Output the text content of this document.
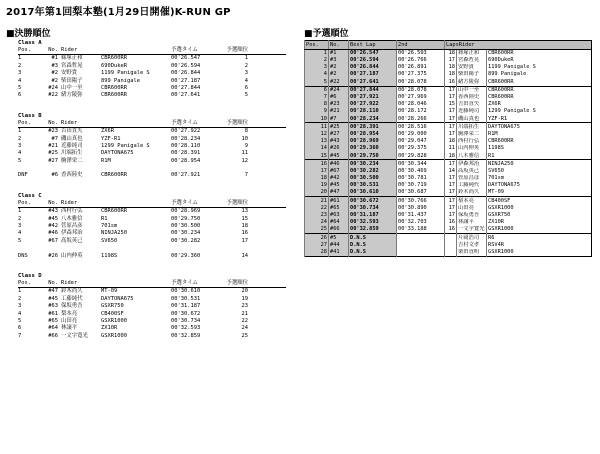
2017年第1回梨本塾(1月29日開催)K-RUN GP
■決勝順位	■予選順位
Class A
Pos.	No. Rider	予選タイム	予選順位
1	#1 篠塚正和	CBR600RR	00'26.547	1
2	#3 宮森哲晃	690DukeR	00'26.594	2
3	#2 安野貴	1199 Panigale S	00'26.844	3
4	#2 柴田陽子	899 Panigale	00'27.187	4
5	#24 山中一至	CBR600RR	00'27.844	6
6	#22 緒方陵弥	CBR600RR	00'27.641	5
Class B
Pos.	No. Rider	予選タイム	予選順位
1	#23 吉田直矢	ZX6R	00'27.922	8
2	#7 磯山真也	YZF-R1	00'28.234	10
3	#21 近藤純司	1299 Panigale S	00'28.110	9
4	#25 川端拓生	DAYTONA675	00'28.391	11
5	#27 駒澤栄二	R1M	00'28.954	12
DNF	#6 香西陸史	CBR600RR	00'27.921	7
Class C
Pos.	No. Rider	予選タイム	予選順位
1	#43 西村行弘	CBR600RR	00'28.969	13
2	#45 八木雅信	R1	00'29.750	15
3	#42 菅原昌彦	701sm	00'30.500	18
4	#46 伊森邦治	NINJA250	00'30.234	16
5	#67 高坂英己	SV650	00'30.282	17
DNS	#26 山内伸英	1198S	00'29.360	14
Class D
Pos.	No. Rider	予選タイム	予選順位
1	#47 鈴木尚久	MT-09	00'30.610	20
2	#45 工藤純代	DAYTONA675	00'30.531	19
3	#63 保坂勇吾	GSXR750	00'31.187	23
4	#61 梨本亮	CB400SF	00'30.672	21
5	#65 山田亮	GSXR1000	00'30.734	22
6	#64 林譲平	ZX10R	00'32.593	24
7	#66 一文字寛光	GSXR1000	00'32.859	25
Pos.	No.	Best Lap	2nd	LapsRider		
1	#1	00'26.547	00'26.593	18	篠塚正和	CBR600RR
2	#3	00'26.594	00'26.766	17	宮森哲晃	690DukeR
3	#2	00'26.844	00'26.891	18	安野貴	1199 Panigale S
4	#2	00'27.187	00'27.375	18	柴田陽子	899 Panigale
5	#22	00'27.641	00'28.078	16	緒方陵弥	CBR600RR
6	#24	00'27.844	00'28.078	17	山中一至	CBR600RR
7	#6	00'27.921	00'27.969	17	香西陸史	CBR600RR
8	#23	00'27.922	00'28.046	15	吉田直矢	ZX6R
9	#21	00'28.110	00'28.172	17	近藤純司	1299 Panigale S
10	#7	00'28.234	00'28.266	17	磯山真也	YZF-R1
11	#25	00'28.391	00'28.516	17	川端拓生	DAYTONA675
12	#27	00'28.954	00'29.000	17	駒澤栄二	R1M
13	#43	00'28.969	00'29.047	18	西村行弘	CBR600RR
14	#26	00'29.360	00'29.375	11	山内伸英	1198S
15	#45	00'29.750	00'29.828	18	八木雅信	R1
16	#46	00'30.234	00'30.344	17	伊森邦治	NINJA250
17	#67	00'30.282	00'30.469	14	高坂英己	SV650
18	#42	00'30.500	00'30.781	17	菅原昌彦	701sm
19	#45	00'30.531	00'30.719	17	工藤純代	DAYTONA675
20	#47	00'30.610	00'30.687	17	鈴木尚久	MT-09
21	#61	00'30.672	00'30.766	17	梨本亮	CB400SF
22	#65	00'30.734	00'30.890	17	山田亮	GSXR1000
23	#63	00'31.187	00'31.437	17	保坂勇吾	GSXR750
24	#64	00'32.593	00'32.703	16	林譲平	ZX10R
25	#66	00'32.859	00'33.188	16	一文字寛光	GSXR1000
26	#5	D.N.S			片岡浩司	R6
27	#44	D.N.S			吉村文孝	RSV4R
28	#41	D.N.S			栗田直明	GSXR1000
